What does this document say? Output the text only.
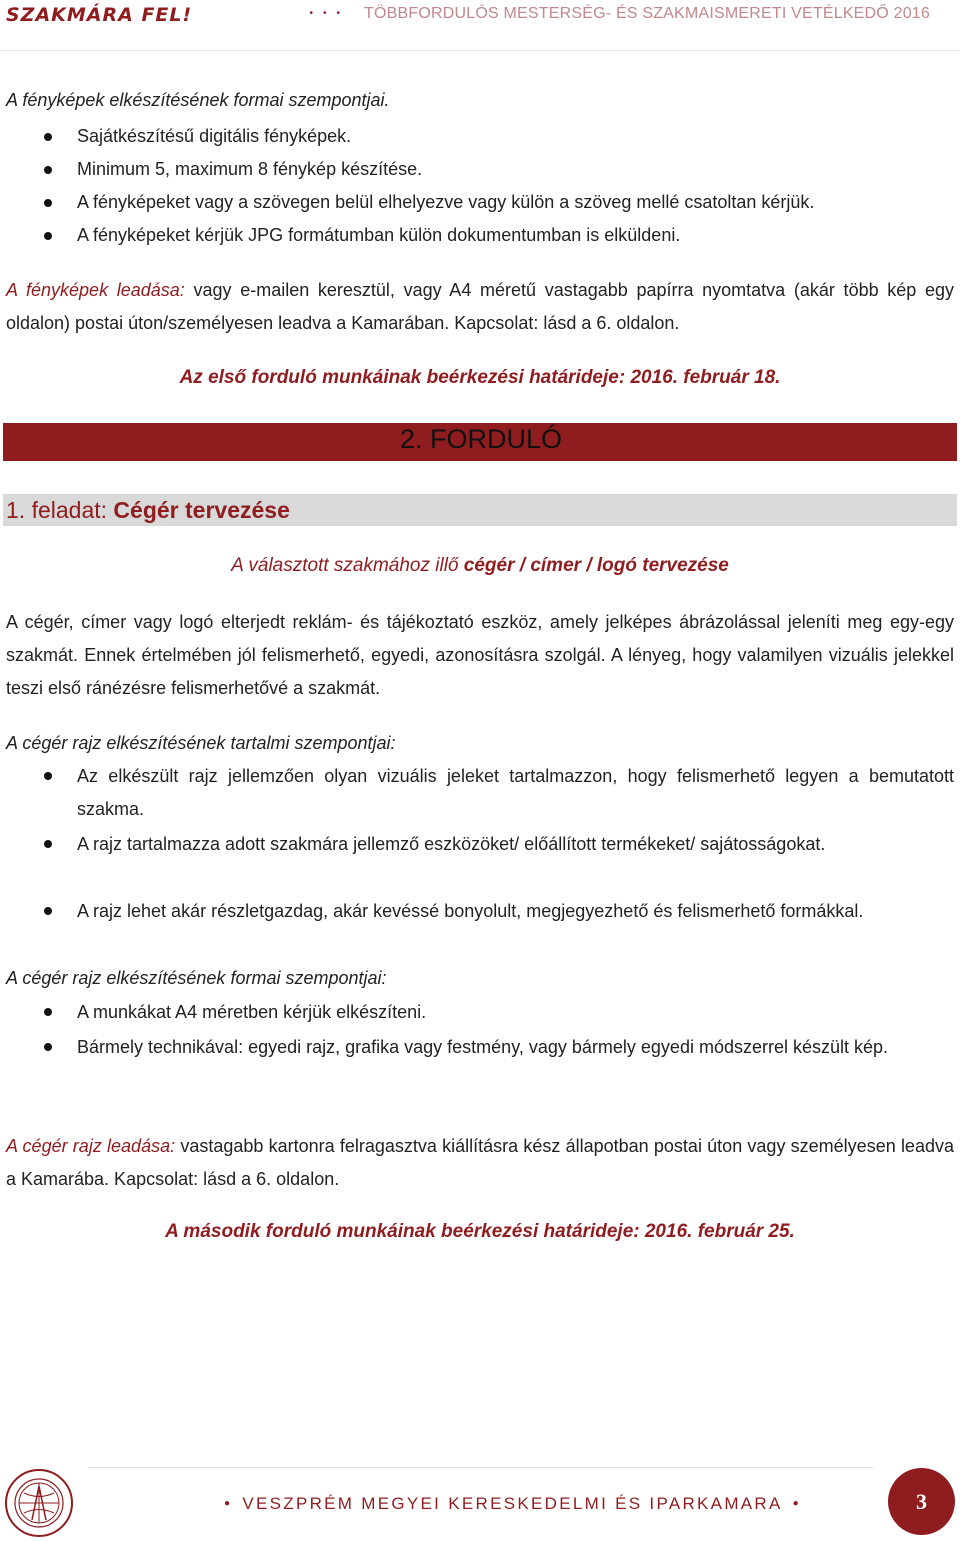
SZAKMÁRA FEL!	••• TÖBBFORDULÓS MESTERSÉG- ÉS SZAKMAISMERETI VETÉLKEDŐ 2016
A fényképek elkészítésének formai szempontjai.
Sajátkészítésű digitális fényképek.
Minimum 5, maximum 8 fénykép készítése.
A fényképeket vagy a szövegen belül elhelyezve vagy külön a szöveg mellé csatoltan kérjük.
A fényképeket kérjük JPG formátumban külön dokumentumban is elküldeni.
A fényképek leadása: vagy e-mailen keresztül, vagy A4 méretű vastagabb papírra nyomtatva (akár több kép egy oldalon) postai úton/személyesen leadva a Kamarában. Kapcsolat: lásd a 6. oldalon.
Az első forduló munkáinak beérkezési határideje: 2016. február 18.
2. FORDULÓ
1. feladat: Cégér tervezése
A választott szakmához illő cégér / címer / logó tervezése
A cégér, címer vagy logó elterjedt reklám- és tájékoztató eszköz, amely jelképes ábrázolással jeleníti meg egy-egy szakmát. Ennek értelmében jól felismerhető, egyedi, azonosításra szolgál. A lényeg, hogy valamilyen vizuális jelekkel teszi első ránézésre felismerhetővé a szakmát.
A cégér rajz elkészítésének tartalmi szempontjai:
Az elkészült rajz jellemzően olyan vizuális jeleket tartalmazzon, hogy felismerhető legyen a bemutatott szakma.
A rajz tartalmazza adott szakmára jellemző eszközöket/ előállított termékeket/ sajátosságokat.
A rajz lehet akár részletgazdag, akár kevéssé bonyolult, megjegyezhető és felismerhető formákkal.
A cégér rajz elkészítésének formai szempontjai:
A munkákat A4 méretben kérjük elkészíteni.
Bármely technikával: egyedi rajz, grafika vagy festmény, vagy bármely egyedi módszerrel készült kép.
A cégér rajz leadása: vastagabb kartonra felragasztva kiállításra kész állapotban postai úton vagy személyesen leadva a Kamarába. Kapcsolat: lásd a 6. oldalon.
A második forduló munkáinak beérkezési határideje: 2016. február 25.
● VESZPRÉM MEGYEI KERESKEDELMI ÉS IPARKAMARA ●	3
